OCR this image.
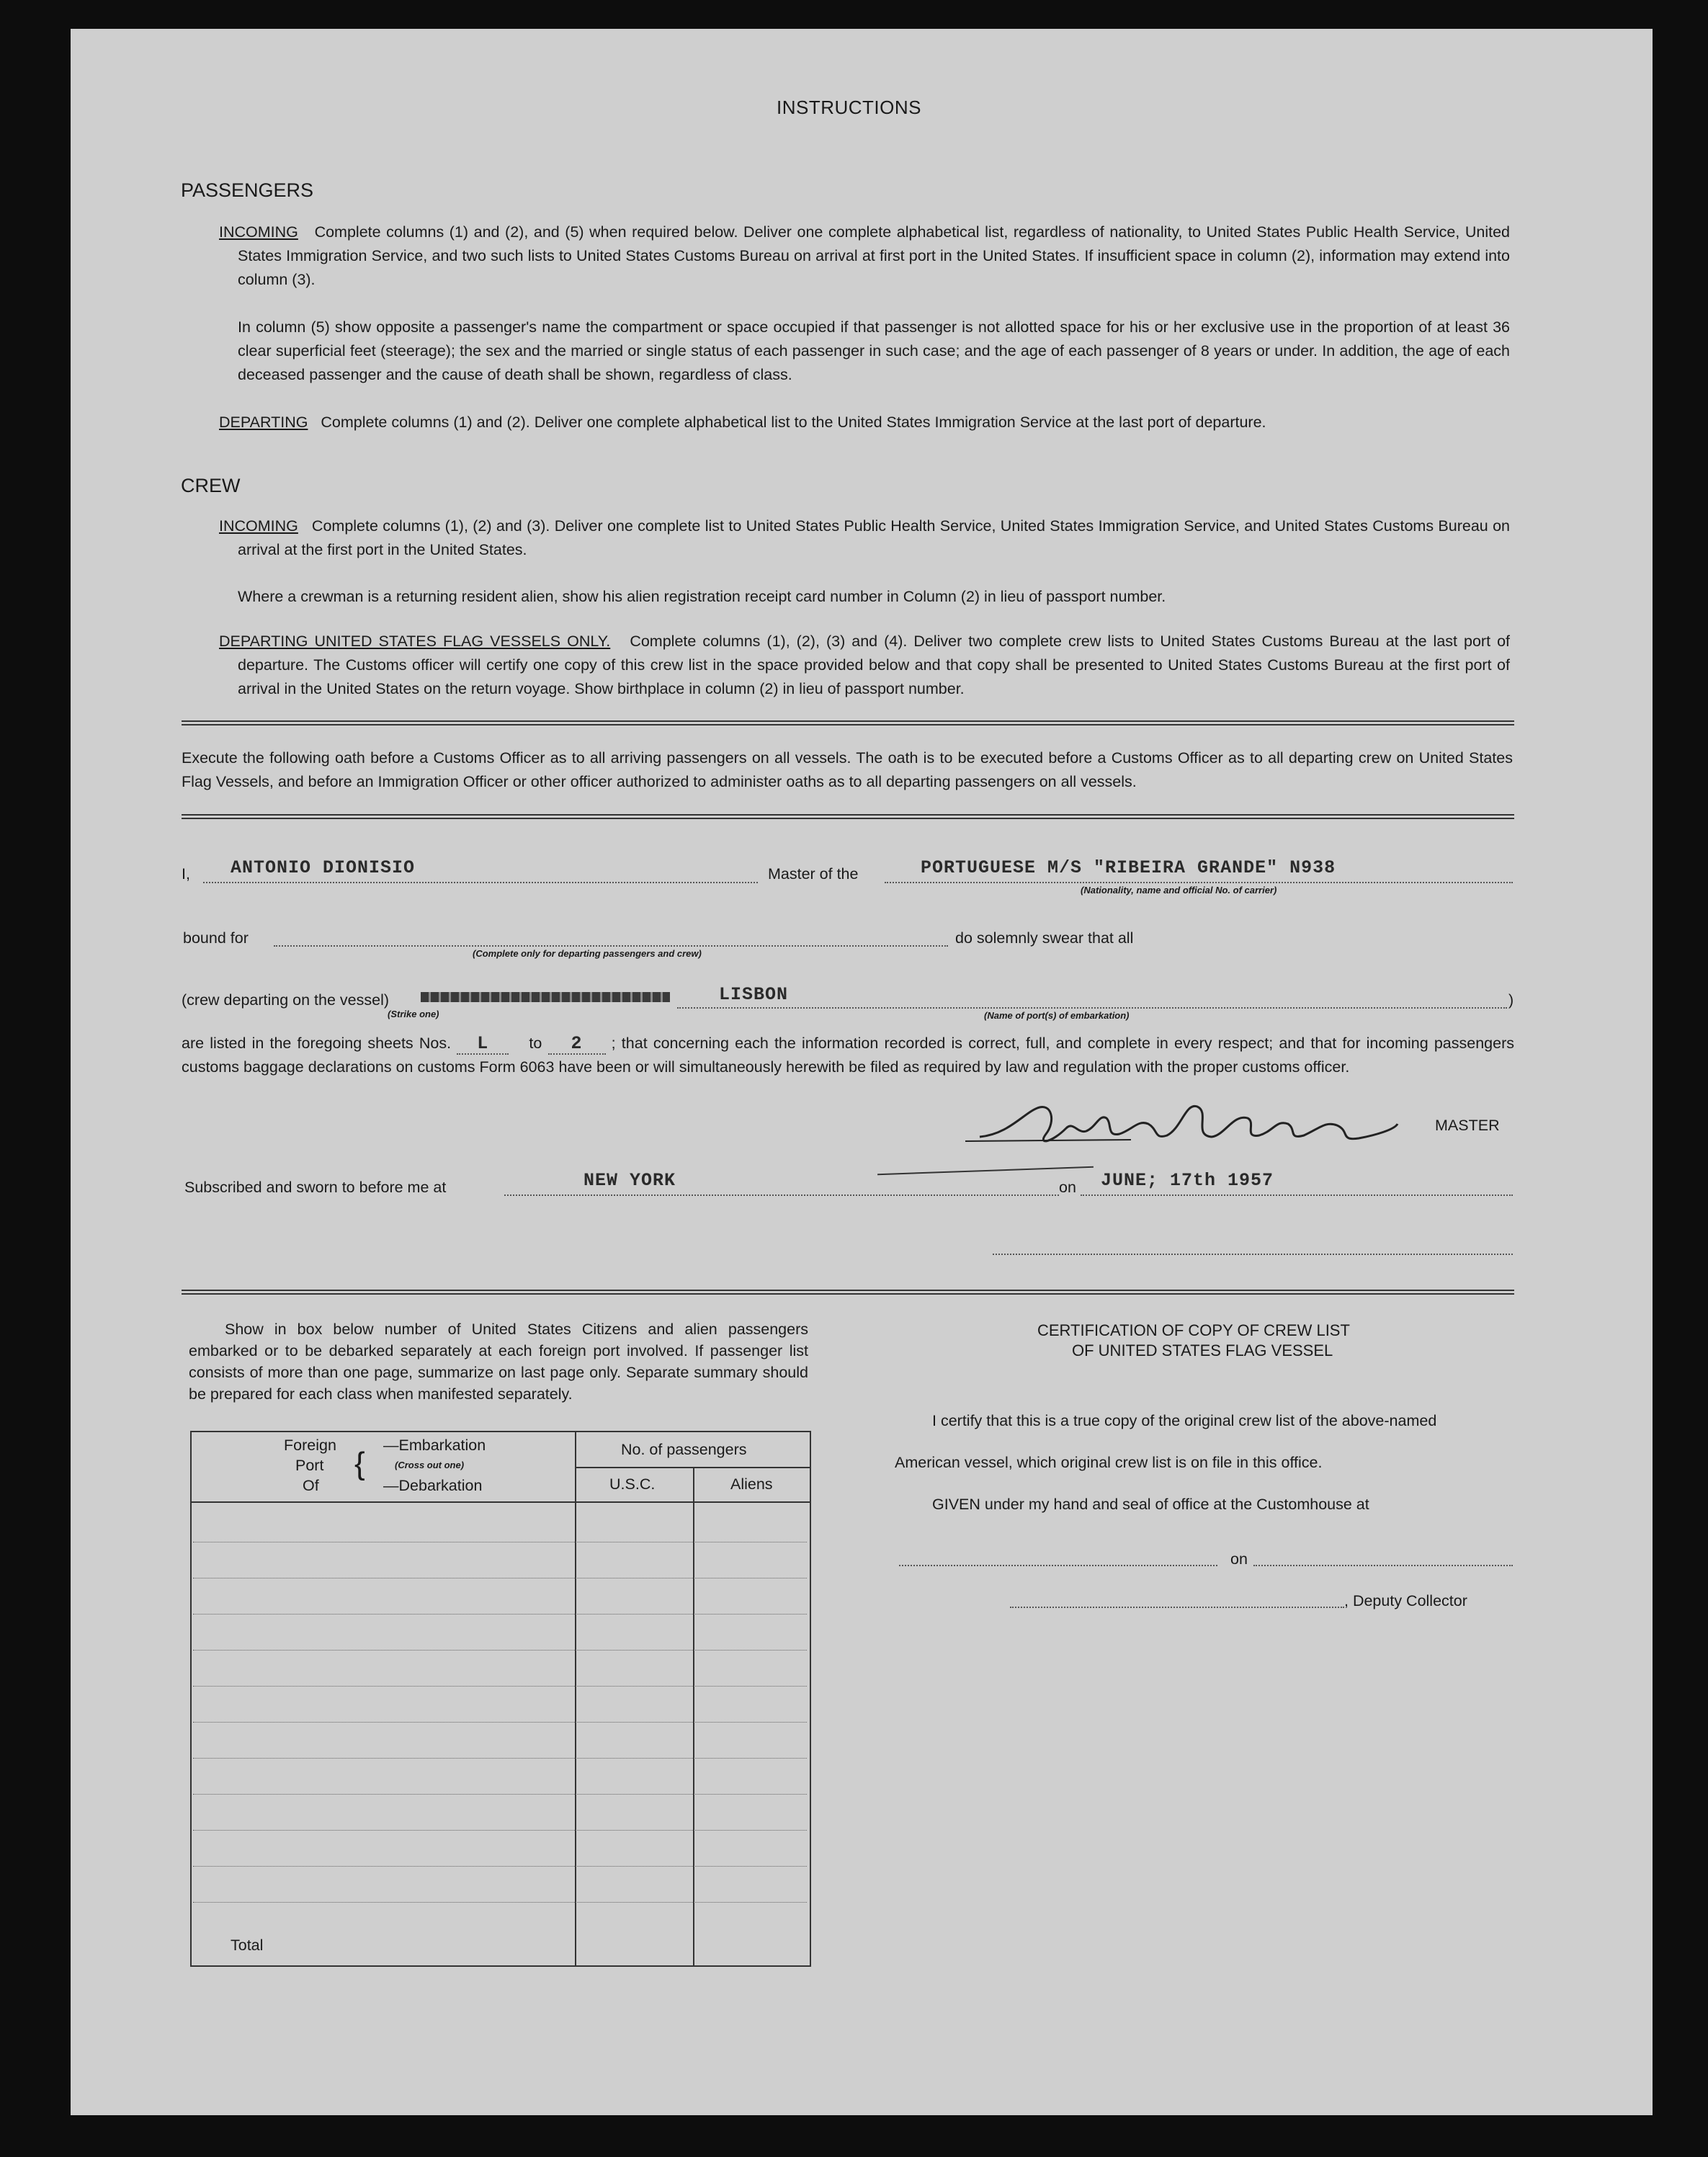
INSTRUCTIONS
PASSENGERS
INCOMING Complete columns (1) and (2), and (5) when required below. Deliver one complete alphabetical list, regardless of nationality, to United States Public Health Service, United States Immigration Service, and two such lists to United States Customs Bureau on arrival at first port in the United States. If insufficient space in column (2), information may extend into column (3).
In column (5) show opposite a passenger's name the compartment or space occupied if that passenger is not allotted space for his or her exclusive use in the proportion of at least 36 clear superficial feet (steerage); the sex and the married or single status of each passenger in such case; and the age of each passenger of 8 years or under. In addition, the age of each deceased passenger and the cause of death shall be shown, regardless of class.
DEPARTING Complete columns (1) and (2). Deliver one complete alphabetical list to the United States Immigration Service at the last port of departure.
CREW
INCOMING Complete columns (1), (2) and (3). Deliver one complete list to United States Public Health Service, United States Immigration Service, and United States Customs Bureau on arrival at the first port in the United States.
Where a crewman is a returning resident alien, show his alien registration receipt card number in Column (2) in lieu of passport number.
DEPARTING UNITED STATES FLAG VESSELS ONLY. Complete columns (1), (2), (3) and (4). Deliver two complete crew lists to United States Customs Bureau at the last port of departure. The Customs officer will certify one copy of this crew list in the space provided below and that copy shall be presented to United States Customs Bureau at the first port of arrival in the United States on the return voyage. Show birthplace in column (2) in lieu of passport number.
Execute the following oath before a Customs Officer as to all arriving passengers on all vessels. The oath is to be executed before a Customs Officer as to all departing crew on United States Flag Vessels, and before an Immigration Officer or other officer authorized to administer oaths as to all departing passengers on all vessels.
I, ANTONIO DIONISIO	Master of the	PORTUGUESE M/S "RIBEIRA GRANDE" N938
(Nationality, name and official No. of carrier)
bound for
(Complete only for departing passengers and crew)
do solemnly swear that all
(crew departing on the vessel)
(Strike one)
LISBON
(Name of port(s) of embarkation)
)
are listed in the foregoing sheets Nos. L	to 2 ; that concerning each the information recorded is correct, full, and complete in every respect; and that for incoming passengers customs baggage declarations on customs Form 6063 have been or will simultaneously herewith be filed as required by law and regulation with the proper customs officer.
MASTER
Subscribed and sworn to before me at	NEW YORK	on JUNE; 17th 1957
Show in box below number of United States Citizens and alien passengers embarked or to be debarked separately at each foreign port involved. If passenger list consists of more than one page, summarize on last page only. Separate summary should be prepared for each class when manifested separately.
Foreign
Port
Of
{
—Embarkation
(Cross out one)
—Debarkation
No. of passengers
U.S.C.	Aliens
Total
CERTIFICATION OF COPY OF CREW LIST
OF UNITED STATES FLAG VESSEL
I certify that this is a true copy of the original crew list of the above-named
American vessel, which original crew list is on file in this office.
GIVEN under my hand and seal of office at the Customhouse at
on
, Deputy Collector
